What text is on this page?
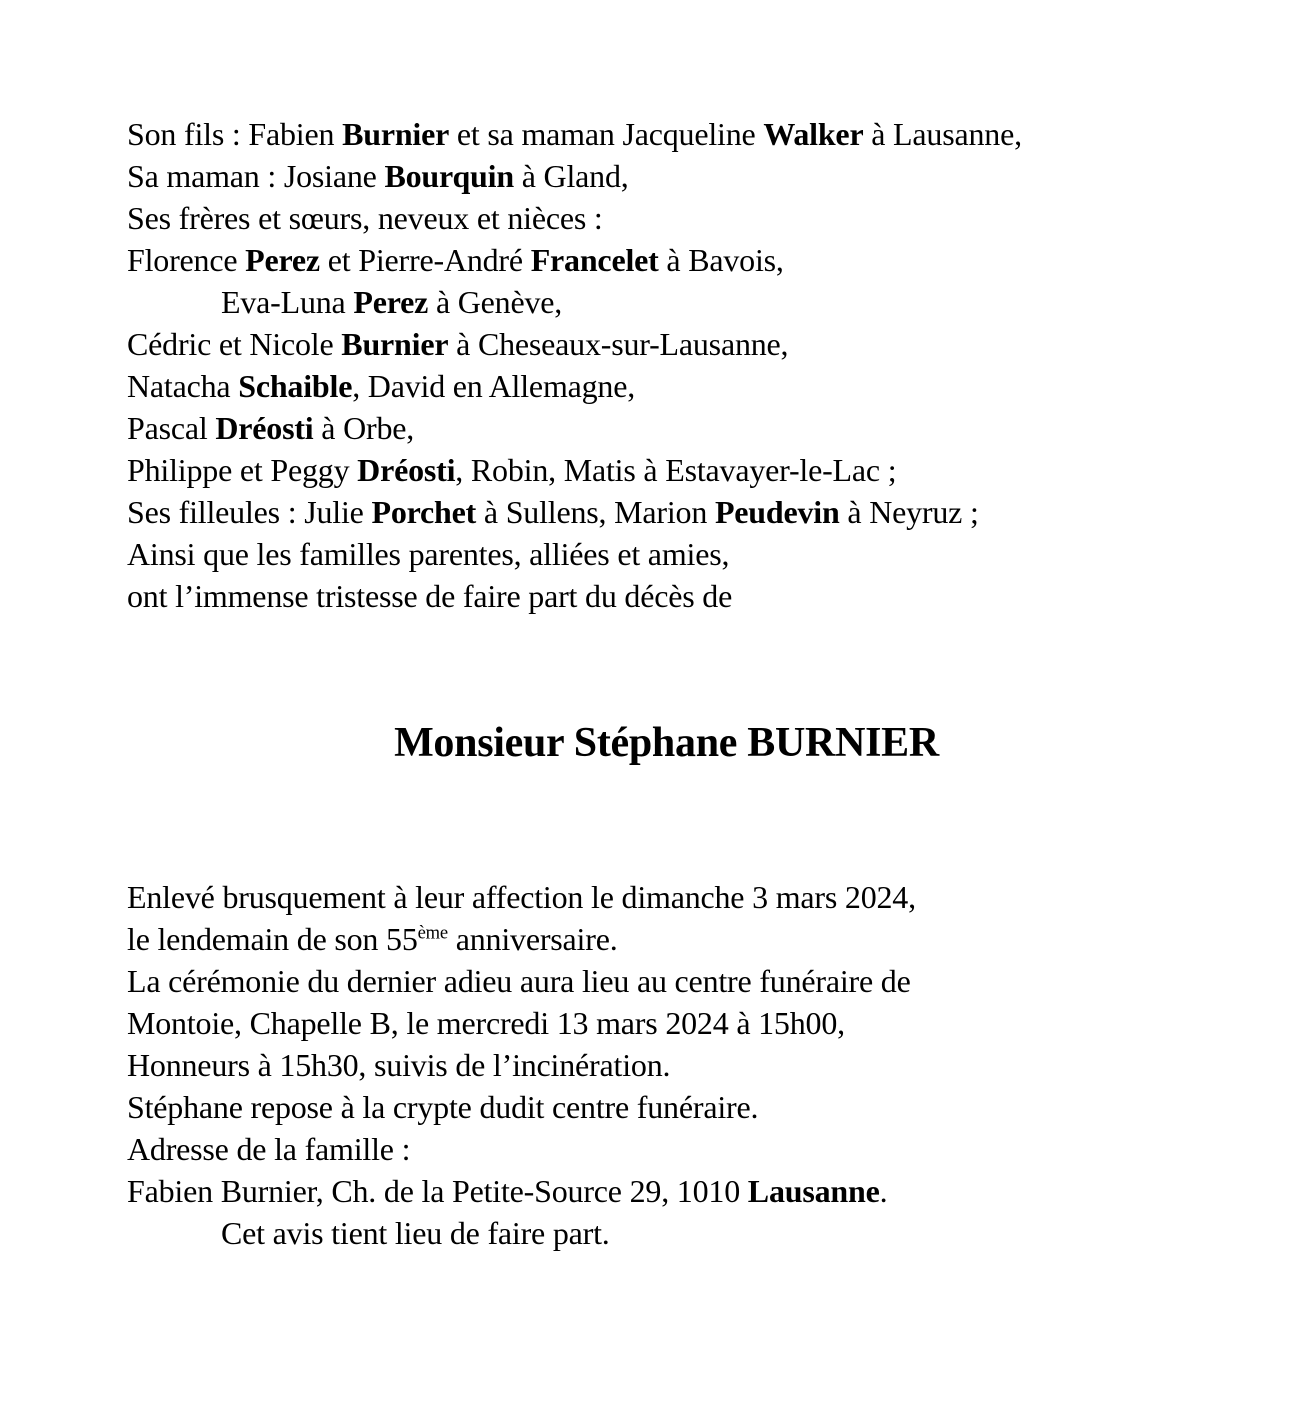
Son fils : Fabien Burnier et sa maman Jacqueline Walker à Lausanne,
Sa maman : Josiane Bourquin à Gland,
Ses frères et sœurs, neveux et nièces :
Florence Perez et Pierre-André Francelet à Bavois,
Eva-Luna Perez à Genève,
Cédric et Nicole Burnier à Cheseaux-sur-Lausanne,
Natacha Schaible, David en Allemagne,
Pascal Dréosti à Orbe,
Philippe et Peggy Dréosti, Robin, Matis à Estavayer-le-Lac ;
Ses filleules : Julie Porchet à Sullens, Marion Peudevin à Neyruz ;
Ainsi que les familles parentes, alliées et amies,
ont l’immense tristesse de faire part du décès de
Monsieur Stéphane BURNIER
Enlevé brusquement à leur affection le dimanche 3 mars 2024,
le lendemain de son 55ème anniversaire.
La cérémonie du dernier adieu aura lieu au centre funéraire de
Montoie, Chapelle B, le mercredi 13 mars 2024 à 15h00,
Honneurs à 15h30, suivis de l’incinération.
Stéphane repose à la crypte dudit centre funéraire.
Adresse de la famille :
Fabien Burnier, Ch. de la Petite-Source 29, 1010 Lausanne.
Cet avis tient lieu de faire part.
